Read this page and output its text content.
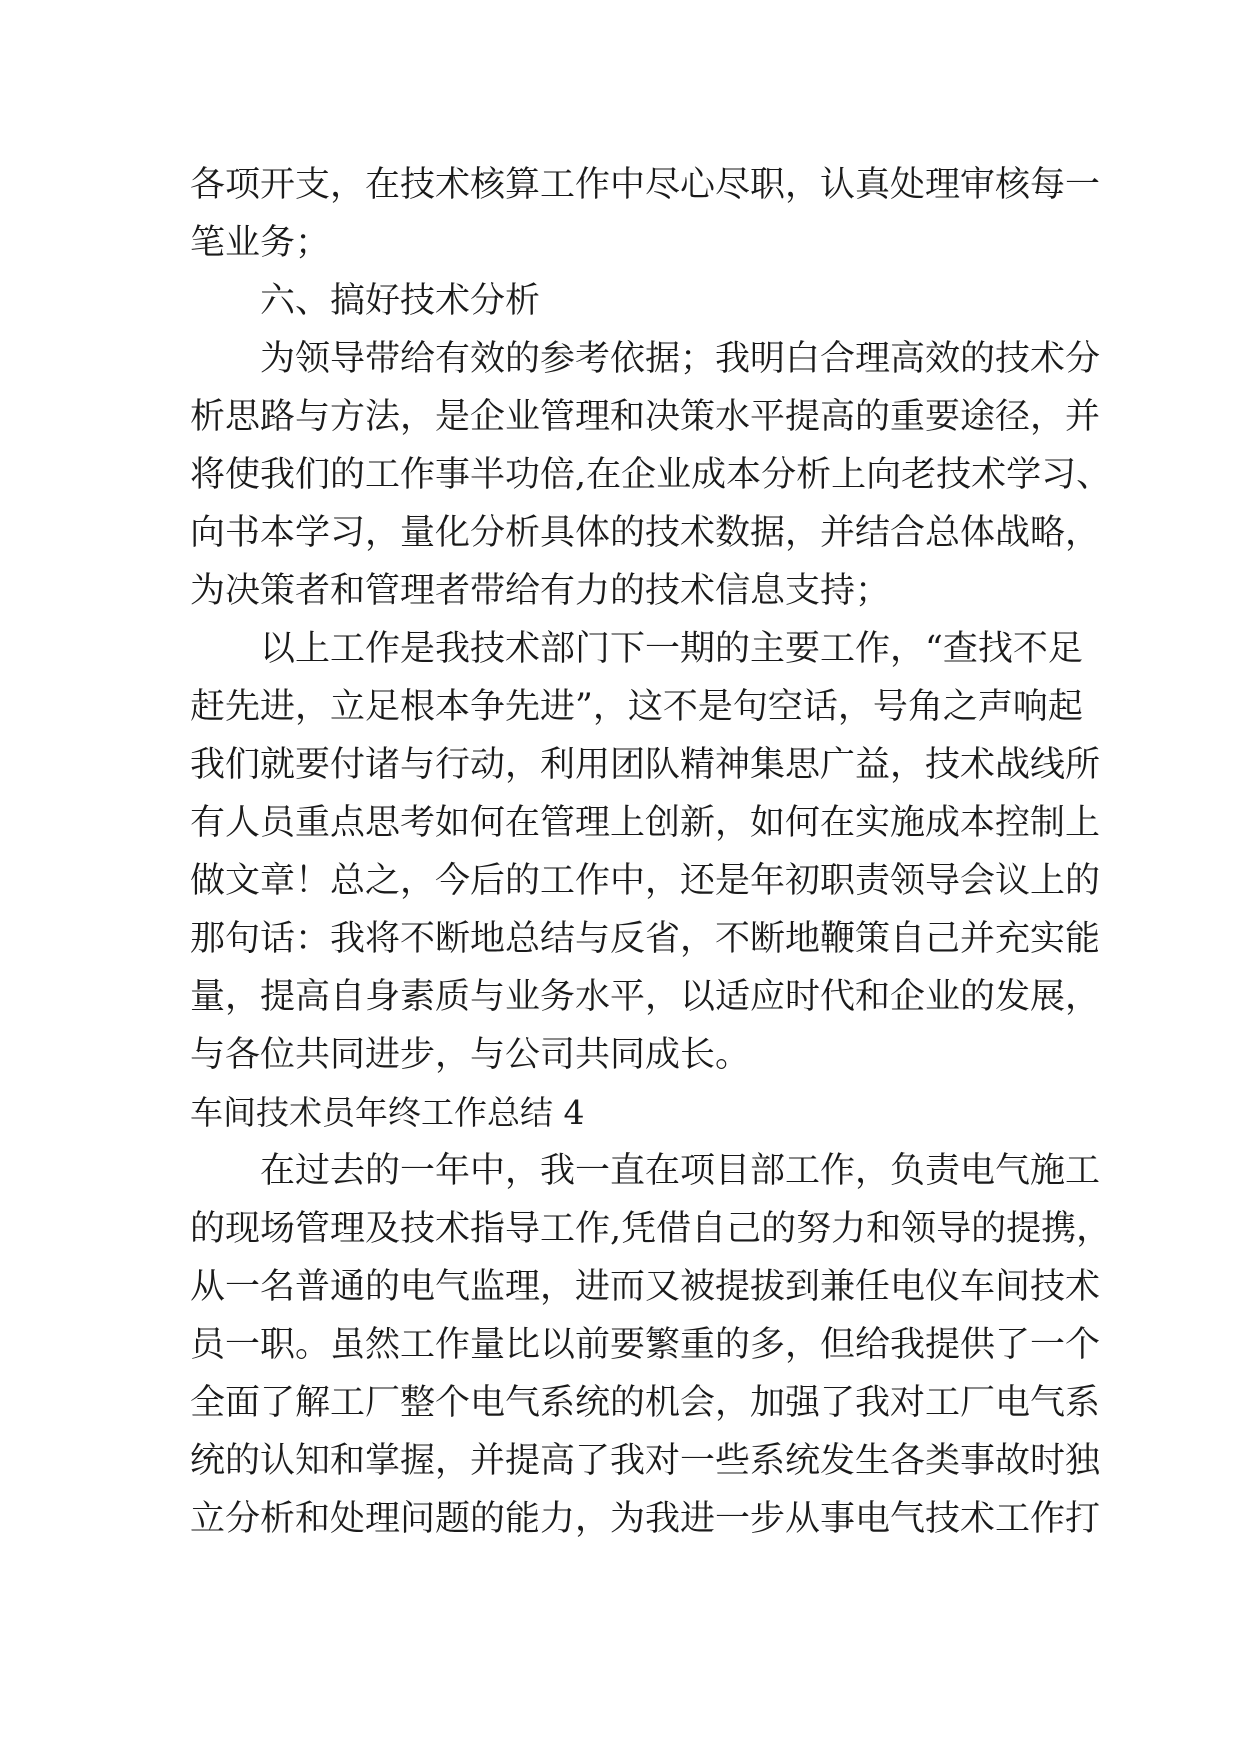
各项开支，在技术核算工作中尽心尽职，认真处理审核每一
笔业务；
六、搞好技术分析
为领导带给有效的参考依据；我明白合理高效的技术分
析思路与方法，是企业管理和决策水平提高的重要途径，并
将使我们的工作事半功倍,在企业成本分析上向老技术学习、
向书本学习，量化分析具体的技术数据，并结合总体战略，
为决策者和管理者带给有力的技术信息支持；
以上工作是我技术部门下一期的主要工作，“查找不足
赶先进，立足根本争先进”，这不是句空话，号角之声响起
我们就要付诸与行动，利用团队精神集思广益，技术战线所
有人员重点思考如何在管理上创新，如何在实施成本控制上
做文章！总之，今后的工作中，还是年初职责领导会议上的
那句话：我将不断地总结与反省，不断地鞭策自己并充实能
量，提高自身素质与业务水平，以适应时代和企业的发展，
与各位共同进步，与公司共同成长。
车间技术员年终工作总结 4
在过去的一年中，我一直在项目部工作，负责电气施工
的现场管理及技术指导工作,凭借自己的努力和领导的提携，
从一名普通的电气监理，进而又被提拔到兼任电仪车间技术
员一职。虽然工作量比以前要繁重的多，但给我提供了一个
全面了解工厂整个电气系统的机会，加强了我对工厂电气系
统的认知和掌握，并提高了我对一些系统发生各类事故时独
立分析和处理问题的能力，为我进一步从事电气技术工作打
